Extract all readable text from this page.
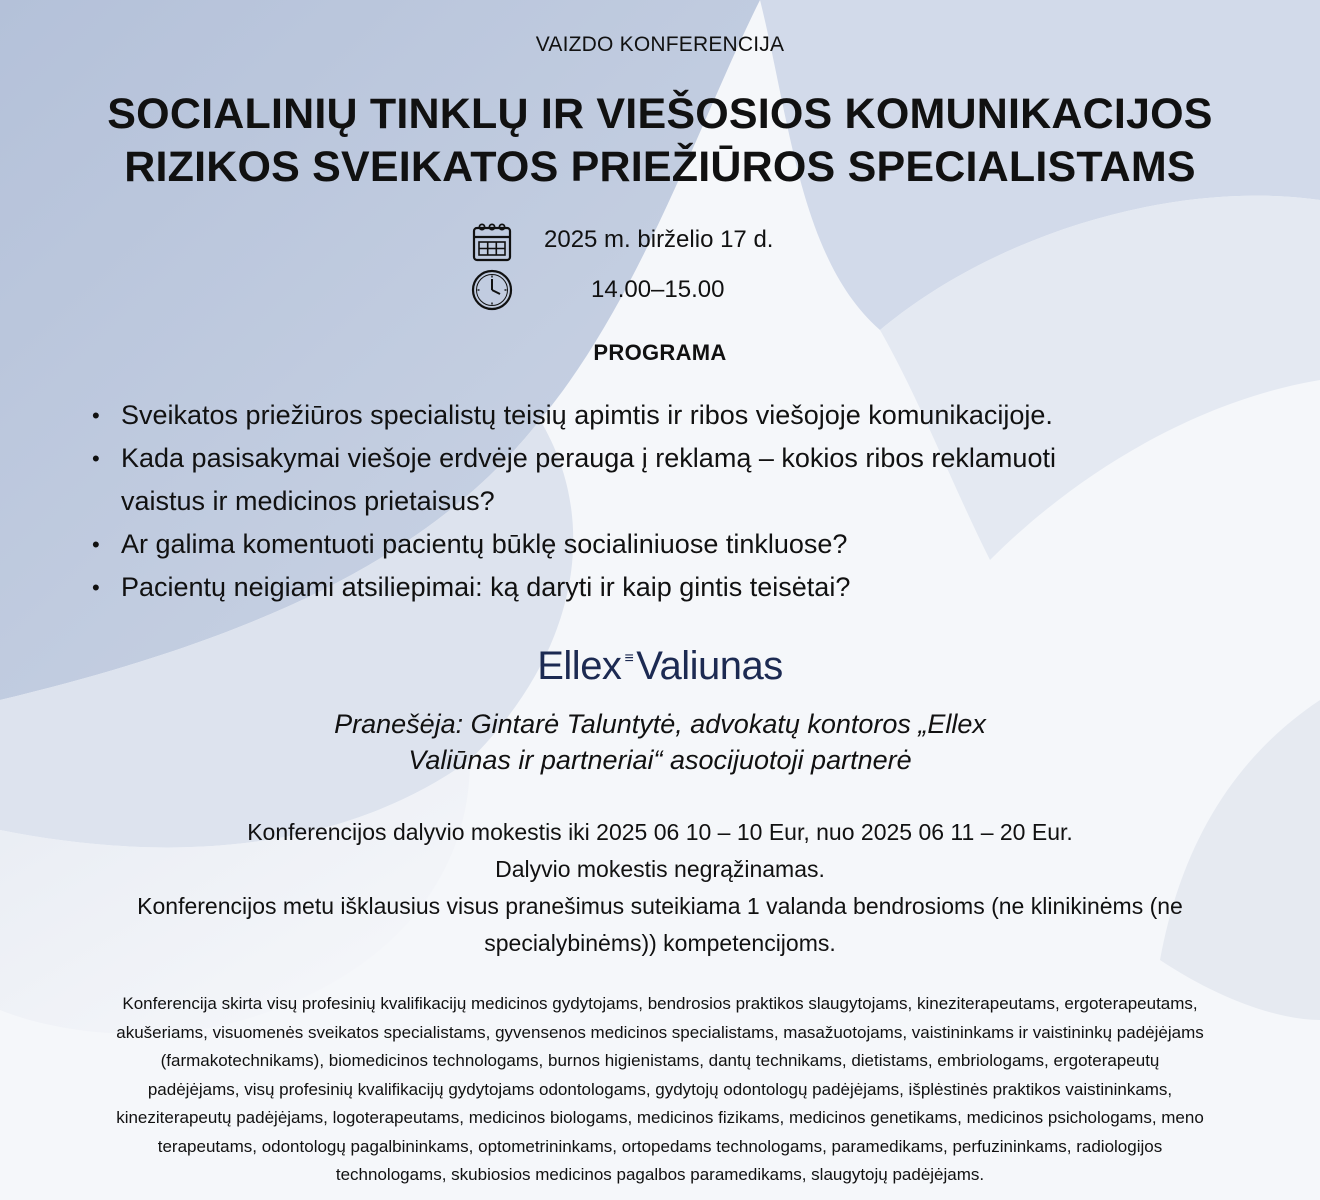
VAIZDO KONFERENCIJA
SOCIALINIŲ TINKLŲ IR VIEŠOSIOS KOMUNIKACIJOS
RIZIKOS SVEIKATOS PRIEŽIŪROS SPECIALISTAMS
2025 m. birželio 17 d.
14.00–15.00
PROGRAMA
• Sveikatos priežiūros specialistų teisių apimtis ir ribos viešojoje komunikacijoje.
• Kada pasisakymai viešoje erdvėje perauga į reklamą – kokios ribos reklamuoti
vaistus ir medicinos prietaisus?
• Ar galima komentuoti pacientų būklę socialiniuose tinkluose?
• Pacientų neigiami atsiliepimai: ką daryti ir kaip gintis teisėtai?
Ellex ≡Valiunas
Pranešėja: Gintarė Taluntytė, advokatų kontoros „Ellex
Valiūnas ir partneriai“ asocijuotoji partnerė
Konferencijos dalyvio mokestis iki 2025 06 10 – 10 Eur, nuo 2025 06 11 – 20 Eur.
Dalyvio mokestis negrąžinamas.
Konferencijos metu išklausius visus pranešimus suteikiama 1 valanda bendrosioms (ne klinikinėms (ne
specialybinėms)) kompetencijoms.
Konferencija skirta visų profesinių kvalifikacijų medicinos gydytojams, bendrosios praktikos slaugytojams, kineziterapeutams, ergoterapeutams,
akušeriams, visuomenės sveikatos specialistams, gyvensenos medicinos specialistams, masažuotojams, vaistininkams ir vaistininkų padėjėjams
(farmakotechnikams), biomedicinos technologams, burnos higienistams, dantų technikams, dietistams, embriologams, ergoterapeutų
padėjėjams, visų profesinių kvalifikacijų gydytojams odontologams, gydytojų odontologų padėjėjams, išplėstinės praktikos vaistininkams,
kineziterapeutų padėjėjams, logoterapeutams, medicinos biologams, medicinos fizikams, medicinos genetikams, medicinos psichologams, meno
terapeutams, odontologų pagalbininkams, optometrininkams, ortopedams technologams, paramedikams, perfuzininkams, radiologijos
technologams, skubiosios medicinos pagalbos paramedikams, slaugytojų padėjėjams.
